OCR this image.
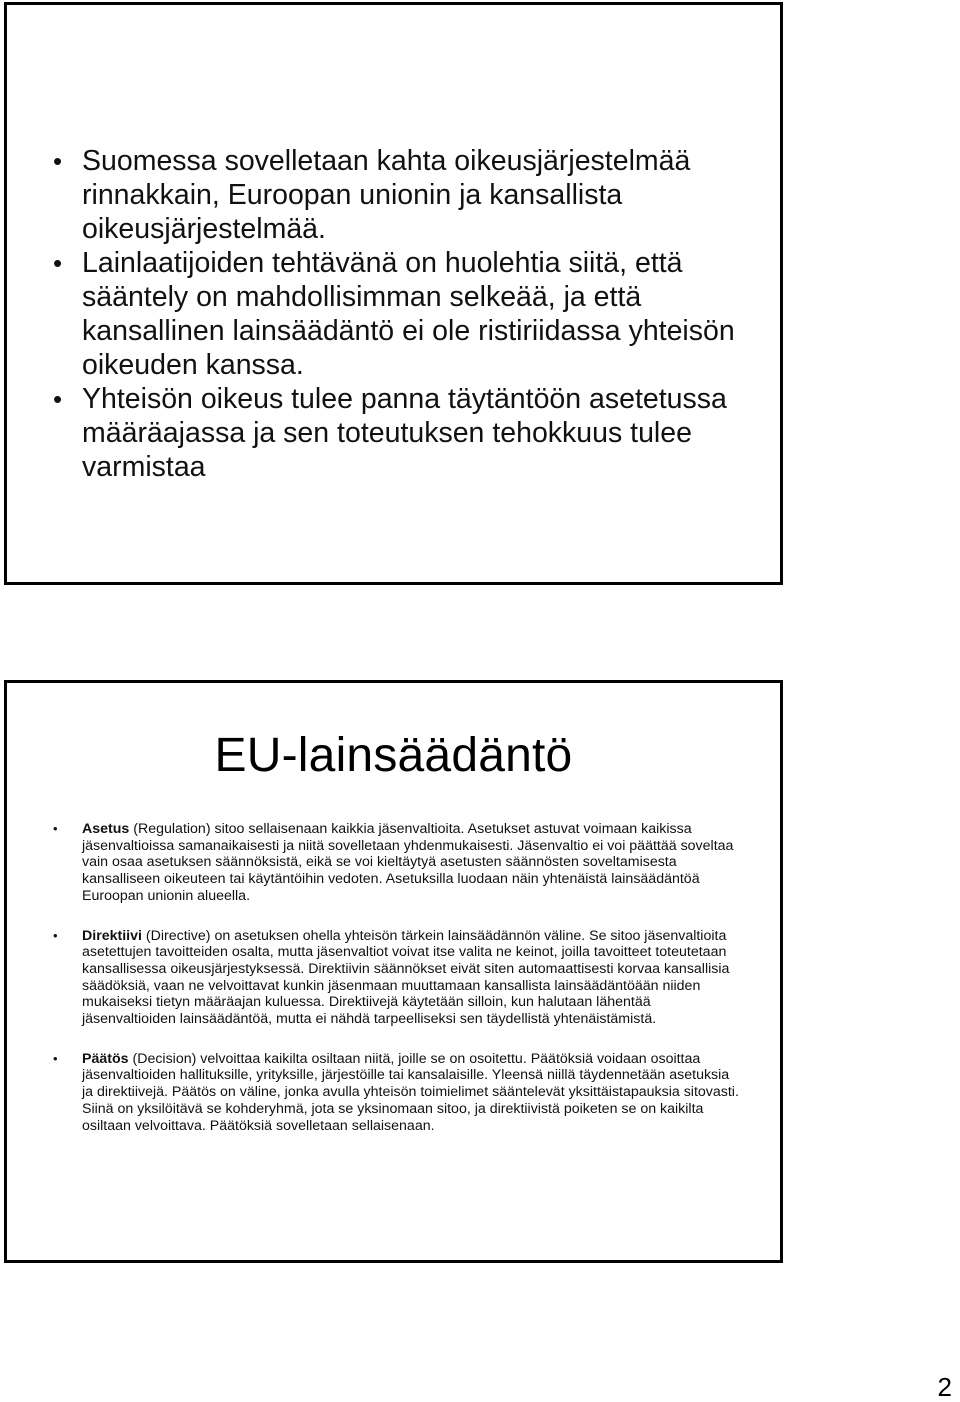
• Suomessa sovelletaan kahta oikeusjärjestelmää rinnakkain, Euroopan unionin ja kansallista oikeusjärjestelmää.
• Lainlaatijoiden tehtävänä on huolehtia siitä, että sääntely on mahdollisimman selkeää, ja että kansallinen lainsäädäntö ei ole ristiriidassa yhteisön oikeuden kanssa.
• Yhteisön oikeus tulee panna täytäntöön asetetussa määräajassa ja sen toteutuksen tehokkuus tulee varmistaa
EU-lainsäädäntö
• Asetus (Regulation) sitoo sellaisenaan kaikkia jäsenvaltioita. Asetukset astuvat voimaan kaikissa jäsenvaltioissa samanaikaisesti ja niitä sovelletaan yhdenmukaisesti. Jäsenvaltio ei voi päättää soveltaa vain osaa asetuksen säännöksistä, eikä se voi kieltäytyä asetusten säännösten soveltamisesta kansalliseen oikeuteen tai käytäntöihin vedoten. Asetuksilla luodaan näin yhtenäistä lainsäädäntöä Euroopan unionin alueella.
• Direktiivi (Directive) on asetuksen ohella yhteisön tärkein lainsäädännön väline. Se sitoo jäsenvaltioita asetettujen tavoitteiden osalta, mutta jäsenvaltiot voivat itse valita ne keinot, joilla tavoitteet toteutetaan kansallisessa oikeusjärjestyksessä. Direktiivin säännökset eivät siten automaattisesti korvaa kansallisia säädöksiä, vaan ne velvoittavat kunkin jäsenmaan muuttamaan kansallista lainsäädäntöään niiden mukaiseksi tietyn määräajan kuluessa. Direktiivejä käytetään silloin, kun halutaan lähentää jäsenvaltioiden lainsäädäntöä, mutta ei nähdä tarpeelliseksi sen täydellistä yhtenäistämistä.
• Päätös (Decision) velvoittaa kaikilta osiltaan niitä, joille se on osoitettu. Päätöksiä voidaan osoittaa jäsenvaltioiden hallituksille, yrityksille, järjestöille tai kansalaisille. Yleensä niillä täydennetään asetuksia ja direktiivejä. Päätös on väline, jonka avulla yhteisön toimielimet sääntelevät yksittäistapauksia sitovasti. Siinä on yksilöitävä se kohderyhmä, jota se yksinomaan sitoo, ja direktiivistä poiketen se on kaikilta osiltaan velvoittava. Päätöksiä sovelletaan sellaisenaan.
2
